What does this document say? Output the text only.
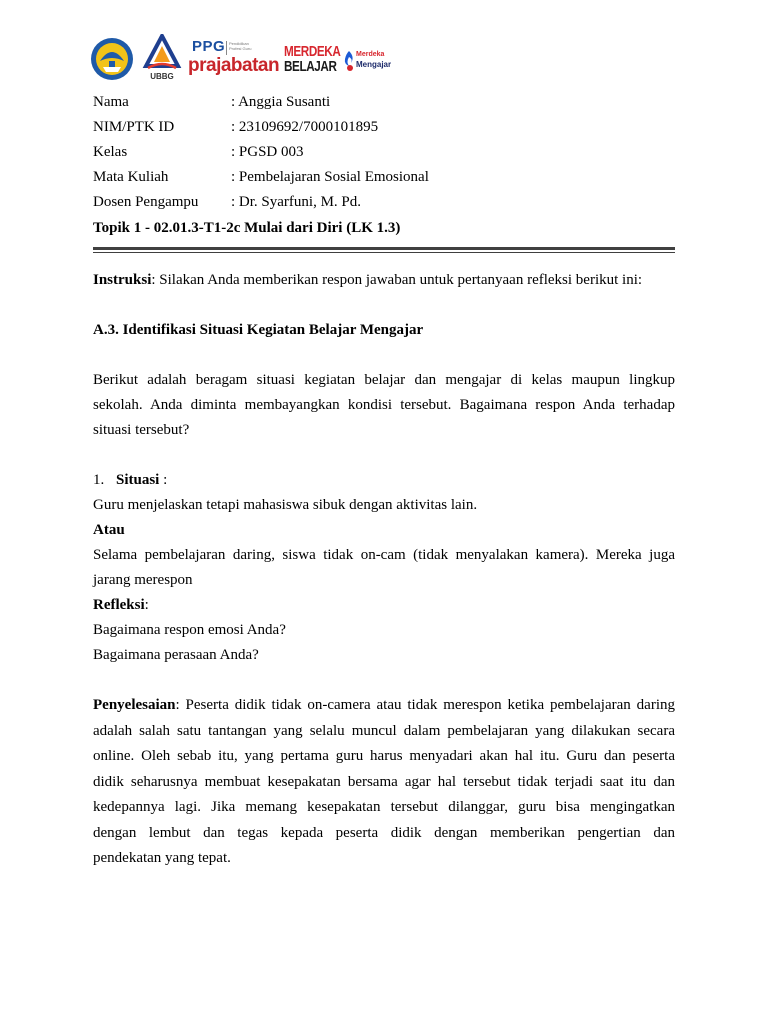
UBBG
PPG Pendidikan Profesi Guru
prajabatan
MERDEKA
BELAJAR
Merdeka
Mengajar
Nama	: Anggia Susanti
NIM/PTK ID	: 23109692/7000101895
Kelas	: PGSD 003
Mata Kuliah	: Pembelajaran Sosial Emosional
Dosen Pengampu : Dr. Syarfuni, M. Pd.
Topik 1 - 02.01.3-T1-2c Mulai dari Diri (LK 1.3)
Instruksi: Silakan Anda memberikan respon jawaban untuk pertanyaan refleksi berikut ini:
A.3. Identifikasi Situasi Kegiatan Belajar Mengajar
Berikut adalah beragam situasi kegiatan belajar dan mengajar di kelas maupun lingkup
sekolah. Anda diminta membayangkan kondisi tersebut. Bagaimana respon Anda terhadap
situasi tersebut?
1. Situasi :
Guru menjelaskan tetapi mahasiswa sibuk dengan aktivitas lain.
Atau
Selama pembelajaran daring, siswa tidak on-cam (tidak menyalakan kamera). Mereka juga
jarang merespon
Refleksi:
Bagaimana respon emosi Anda?
Bagaimana perasaan Anda?
Penyelesaian: Peserta didik tidak on-camera atau tidak merespon ketika pembelajaran daring
adalah salah satu tantangan yang selalu muncul dalam pembelajaran yang dilakukan secara
online. Oleh sebab itu, yang pertama guru harus menyadari akan hal itu. Guru dan peserta
didik seharusnya membuat kesepakatan bersama agar hal tersebut tidak terjadi saat itu dan
kedepannya lagi. Jika memang kesepakatan tersebut dilanggar, guru bisa mengingatkan
dengan lembut dan tegas kepada peserta didik dengan memberikan pengertian dan
pendekatan yang tepat.
